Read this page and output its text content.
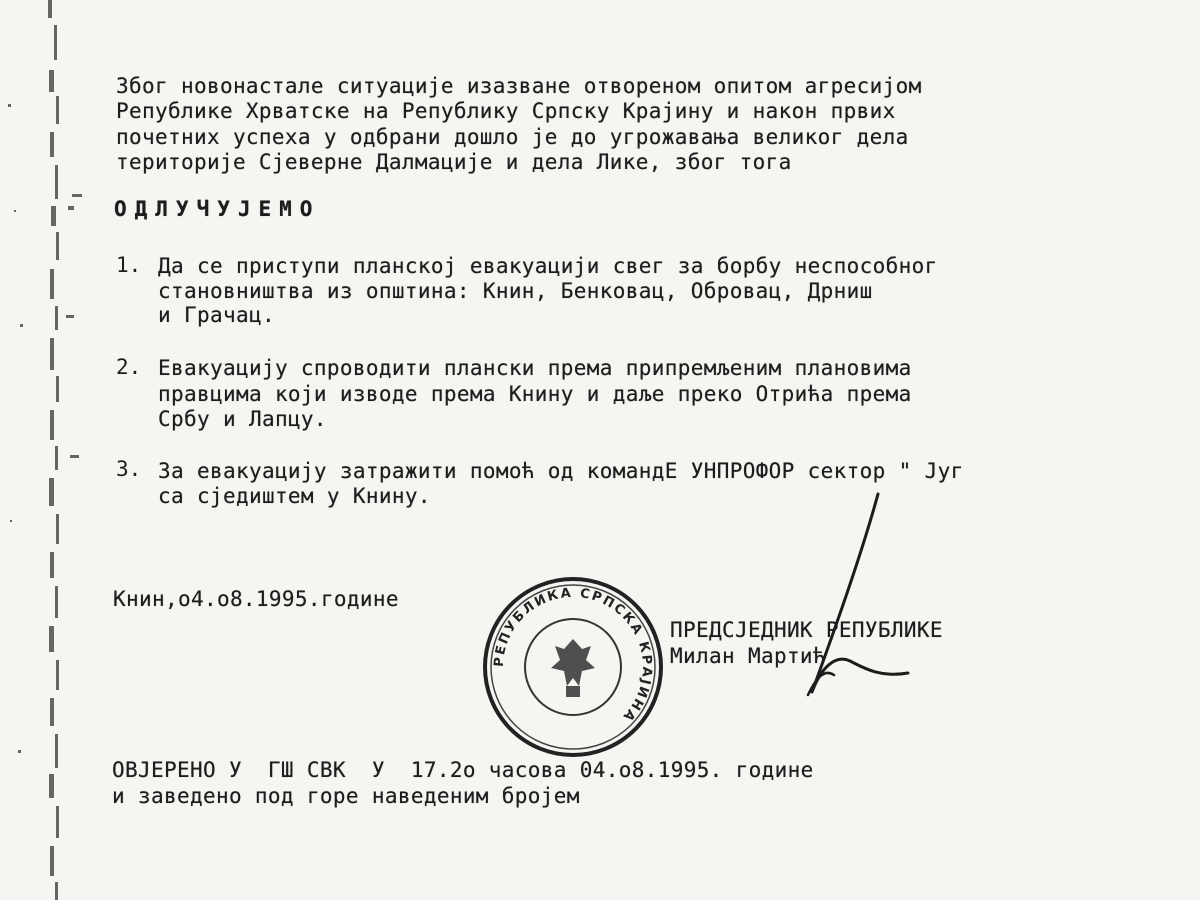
Због новонастале ситуације изазване отвореном опитом агресијом
Републике Хрватске на Републику Српску Крајину и након првих
почетних успеха у одбрани дошло је до угрожавања великог дела
територије Сјеверне Далмације и дела Лике, због тога
ОДЛУЧУЈЕМО
1. Да се приступи планској евакуацији свег за борбу неспособног
становништва из општина: Книн, Бенковац, Обровац, Дрниш
и Грачац.
2. Евакуацију спроводити плански према припремљеним плановима
правцима који изводе према Книну и даље преко Отрића према
Србу и Лапцу.
3. За евакуацију затражити помоћ од командЕ УНПРОФОР сектор " Југ
са сједиштем у Книну.
Книн,о4.о8.1995.године
РЕПУБЛИКА СРПСКА КРАЈИНА
ПРЕДСЈЕДНИК РЕПУБЛИКЕ
Милан Мартић
ОВЈЕРЕНО У  ГШ СВК  У  17.2о часова 04.о8.1995. године
и заведено под горе наведеним бројем
